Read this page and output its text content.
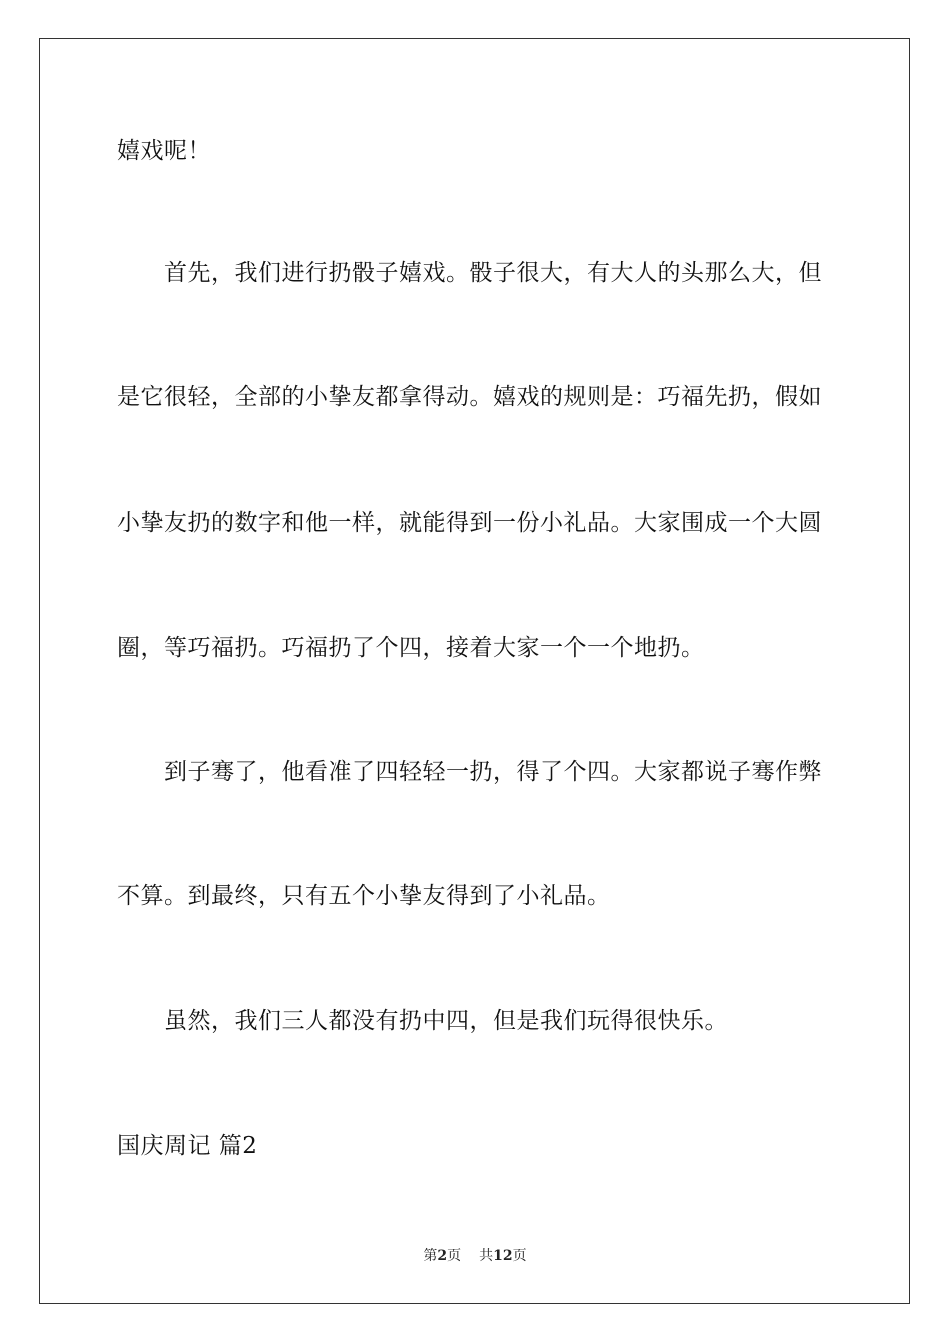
嬉戏呢！
首先，我们进行扔骰子嬉戏。骰子很大，有大人的头那么大，但
是它很轻，全部的小挚友都拿得动。嬉戏的规则是：巧福先扔，假如
小挚友扔的数字和他一样，就能得到一份小礼品。大家围成一个大圆
圈，等巧福扔。巧福扔了个四，接着大家一个一个地扔。
到子骞了，他看准了四轻轻一扔，得了个四。大家都说子骞作弊
不算。到最终，只有五个小挚友得到了小礼品。
虽然，我们三人都没有扔中四，但是我们玩得很快乐。
国庆周记 篇2
第2页 共12页
